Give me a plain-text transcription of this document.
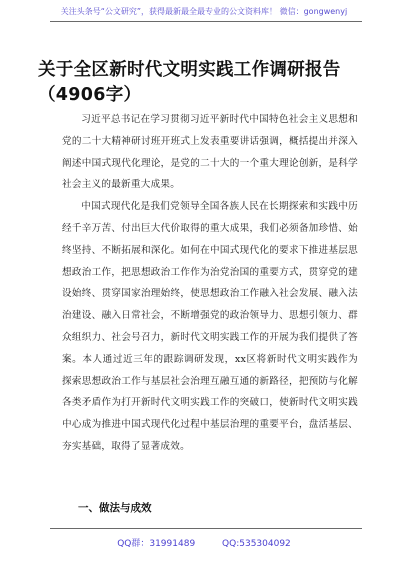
关注头条号“公文研究”，获得最新最全最专业的公文资料库！ 微信：gongwenyj
关于全区新时代文明实践工作调研报告（4906字）

习近平总书记在学习贯彻习近平新时代中国特色社会主义思想和党的二十大精神研讨班开班式上发表重要讲话强调，概括提出并深入阐述中国式现代化理论，是党的二十大的一个重大理论创新，是科学社会主义的最新重大成果。

中国式现代化是我们党领导全国各族人民在长期探索和实践中历经千辛万苦、付出巨大代价取得的重大成果，我们必须备加珍惜、始终坚持、不断拓展和深化。如何在中国式现代化的要求下推进基层思想政治工作，把思想政治工作作为治党治国的重要方式，贯穿党的建设始终、贯穿国家治理始终，使思想政治工作融入社会发展、融入法治建设、融入日常社会，不断增强党的政治领导力、思想引领力、群众组织力、社会号召力，新时代文明实践工作的开展为我们提供了答案。本人通过近三年的跟踪调研发现，xx区将新时代文明实践作为探索思想政治工作与基层社会治理互融互通的新路径，把预防与化解各类矛盾作为打开新时代文明实践工作的突破口，使新时代文明实践中心成为推进中国式现代化过程中基层治理的重要平台，盘活基层、夯实基础，取得了显著成效。

一、做法与成效
QQ群：31991489	QQ:535304092
